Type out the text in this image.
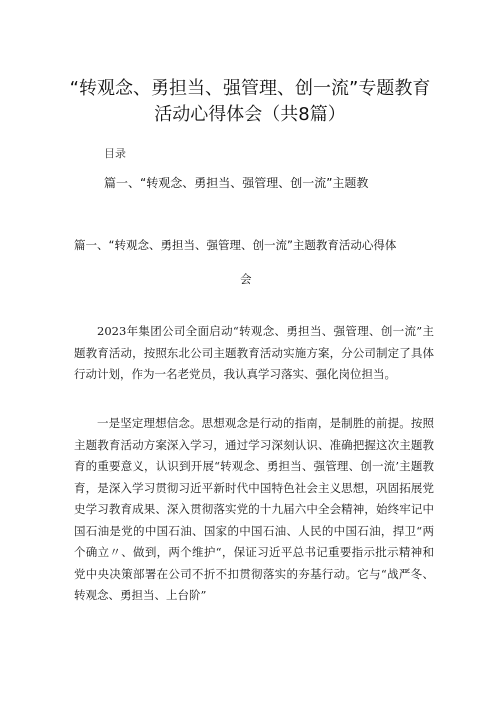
“转观念、勇担当、强管理、创一流”专题教育
活动心得体会（共8篇）
目录
篇一、“转观念、勇担当、强管理、创一流”主题教
篇一、“转观念、勇担当、强管理、创一流”主题教育活动心得体
会
2023年集团公司全面启动“转观念、勇担当、强管理、创一流”主题教育活动，按照东北公司主题教育活动实施方案，分公司制定了具体行动计划，作为一名老党员，我认真学习落实、强化岗位担当。
一是坚定理想信念。思想观念是行动的指南，是制胜的前提。按照主题教育活动方案深入学习，通过学习深刻认识、准确把握这次主题教育的重要意义，认识到开展“转观念、勇担当、强管理、创一流’主题教育，是深入学习贯彻习近平新时代中国特色社会主义思想，巩固拓展党史学习教育成果、深入贯彻落实党的十九届六中全会精神，始终牢记中国石油是党的中国石油、国家的中国石油、人民的中国石油，捍卫“两个确立〃、做到，两个维护“，保证习近平总书记重要指示批示精神和党中央决策部署在公司不折不扣贯彻落实的夯基行动。它与“战严冬、转观念、勇担当、上台阶”
